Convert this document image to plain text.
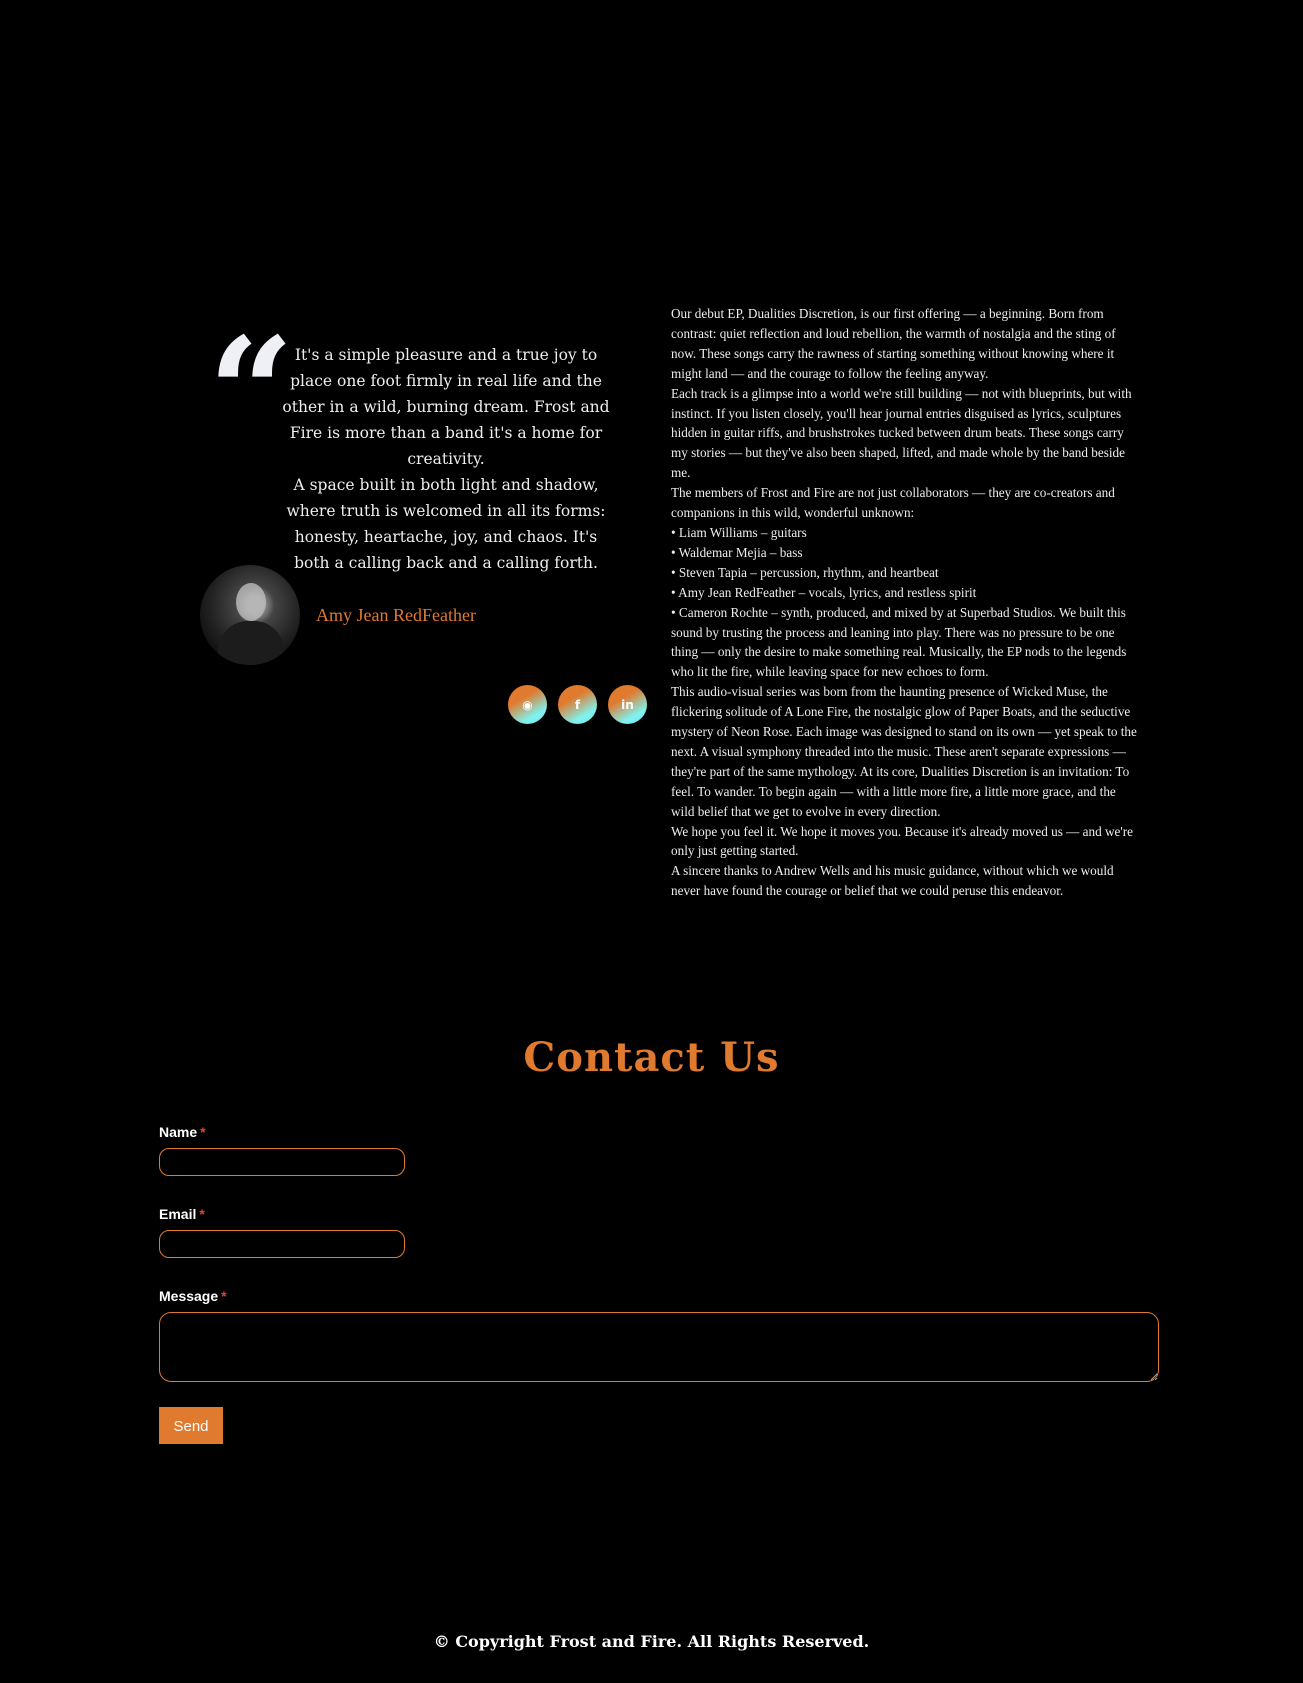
“ It's a simple pleasure and a true joy to place one foot firmly in real life and the other in a wild, burning dream. Frost and Fire is more than a band it's a home for creativity.

A space built in both light and shadow, where truth is welcomed in all its forms: honesty, heartache, joy, and chaos. It's both a calling back and a calling forth.

Amy Jean RedFeather
◉	f	in

Our debut EP, Dualities Discretion, is our first offering — a beginning. Born from contrast: quiet reflection and loud rebellion, the warmth of nostalgia and the sting of now. These songs carry the rawness of starting something without knowing where it might land — and the courage to follow the feeling anyway.

Each track is a glimpse into a world we're still building — not with blueprints, but with instinct. If you listen closely, you'll hear journal entries disguised as lyrics, sculptures hidden in guitar riffs, and brushstrokes tucked between drum beats. These songs carry my stories — but they've also been shaped, lifted, and made whole by the band beside me.

The members of Frost and Fire are not just collaborators — they are co-creators and companions in this wild, wonderful unknown:

• Liam Williams – guitars

• Waldemar Mejia – bass

• Steven Tapia – percussion, rhythm, and heartbeat

• Amy Jean RedFeather – vocals, lyrics, and restless spirit

• Cameron Rochte – synth, produced, and mixed by at Superbad Studios. We built this sound by trusting the process and leaning into play. There was no pressure to be one thing — only the desire to make something real. Musically, the EP nods to the legends who lit the fire, while leaving space for new echoes to form.

This audio-visual series was born from the haunting presence of Wicked Muse, the flickering solitude of A Lone Fire, the nostalgic glow of Paper Boats, and the seductive mystery of Neon Rose. Each image was designed to stand on its own — yet speak to the next. A visual symphony threaded into the music. These aren't separate expressions — they're part of the same mythology. At its core, Dualities Discretion is an invitation: To feel. To wander. To begin again — with a little more fire, a little more grace, and the wild belief that we get to evolve in every direction.

We hope you feel it. We hope it moves you. Because it's already moved us — and we're only just getting started.

A sincere thanks to Andrew Wells and his music guidance, without which we would never have found the courage or belief that we could peruse this endeavor.

Contact Us
Name *
Email *
Message *
Send
© Copyright Frost and Fire. All Rights Reserved.
